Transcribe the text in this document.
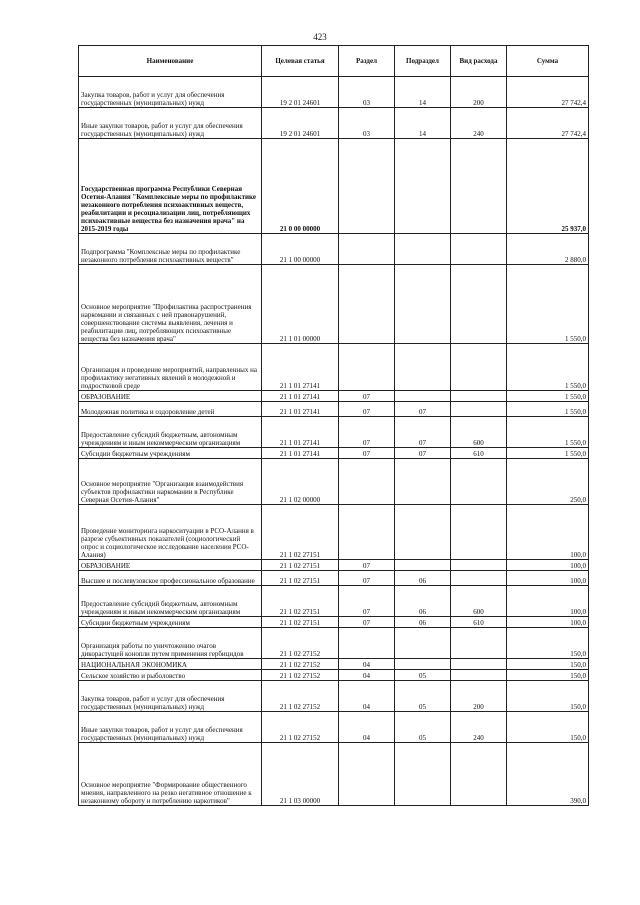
423
Наименование	Целевая статья	Раздел	Подраздел	Вид расхода	Сумма
Закупка товаров, работ и услуг для обеспечения государственных (муниципальных) нужд	19 2 01 24601	03	14	200	27 742,4
Иные закупки товаров, работ и услуг для обеспечения государственных (муниципальных) нужд	19 2 01 24601	03	14	240	27 742,4
Государственная программа Республики Северная Осетия-Алания "Комплексные меры по профилактике незаконного потребления психоактивных веществ, реабилитации и ресоциализации лиц, потребляющих психоактивные вещества без назначения врача" на 2015-2019 годы	21 0 00 00000				25 937,0
Подпрограмма "Комплексные меры по профилактике незаконного потребления психоактивных веществ"	21 1 00 00000				2 880,0
Основное мероприятие "Профилактика распространения наркомании и связанных с ней правонарушений, совершенствование системы выявления, лечения и реабилитации лиц, потребляющих психоактивные вещества без назначения врача"	21 1 01 00000				1 550,0
Организация и проведение мероприятий, направленных на профилактику негативных явлений в молодежной и подростковой среде	21 1 01 27141				1 550,0
ОБРАЗОВАНИЕ	21 1 01 27141	07			1 550,0
Молодежная политика и оздоровление детей	21 1 01 27141	07	07		1 550,0
Предоставление субсидий бюджетным, автономным учреждениям и иным некоммерческим организациям	21 1 01 27141	07	07	600	1 550,0
Субсидии бюджетным учреждениям	21 1 01 27141	07	07	610	1 550,0
Основное мероприятие "Организация взаимодействия субъектов профилактики наркомании в Республике Северная Осетия-Алания"	21 1 02 00000				250,0
Проведение мониторинга наркоситуации в РСО-Алания в разрезе субъективных показателей (социологический опрос и социологическое исследование населения РСО-Алания)	21 1 02 27151				100,0
ОБРАЗОВАНИЕ	21 1 02 27151	07			100,0
Высшее и послевузовское профессиональное образование	21 1 02 27151	07	06		100,0
Предоставление субсидий бюджетным, автономным учреждениям и иным некоммерческим организациям	21 1 02 27151	07	06	600	100,0
Субсидии бюджетным учреждениям	21 1 02 27151	07	06	610	100,0
Организация работы по уничтожению очагов дикорастущей конопли путем применения гербицидов	21 1 02 27152				150,0
НАЦИОНАЛЬНАЯ ЭКОНОМИКА	21 1 02 27152	04			150,0
Сельское хозяйство и рыболовство	21 1 02 27152	04	05		150,0
Закупка товаров, работ и услуг для обеспечения государственных (муниципальных) нужд	21 1 02 27152	04	05	200	150,0
Иные закупки товаров, работ и услуг для обеспечения государственных (муниципальных) нужд	21 1 02 27152	04	05	240	150,0
Основное мероприятие "Формирование общественного мнения, направленного на резко негативное отношение к незаконному обороту и потреблению наркотиков"	21 1 03 00000				390,0
